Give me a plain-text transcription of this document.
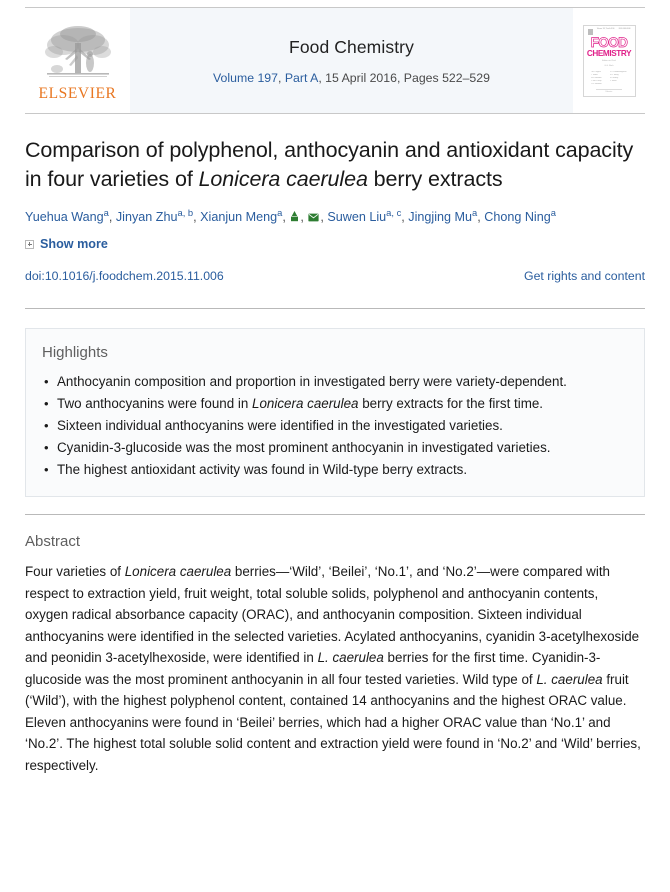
ELSEVIER
Food Chemistry
Volume 197, Part A, 15 April 2016, Pages 522–529
Volume 197, Part A 2016	ISSN 0308-8146
FOOD
CHEMISTRY
Editors-in-Chief
G.G. Birch
P.M. Finglas	D. Chandrasegaran
F. Toldrá	S.P. Meng
S.B. Blomme	N. Sedley
J. Van-Camp	J. Miller
D.S. Mottram
Elsevier
Comparison of polyphenol, anthocyanin and antioxidant capacity in four varieties of Lonicera caerulea berry extracts
Yuehua Wang$^a$, Jinyan Zhu$^{a, b}$, Xianjun Meng$^a$, , , Suwen Liu$^{a, c}$, Jingjing Mu$^a$, Chong Ning$^a$
Show more
doi:10.1016/j.foodchem.2015.11.006	Get rights and content
Highlights
• Anthocyanin composition and proportion in investigated berry were variety-dependent.
• Two anthocyanins were found in Lonicera caerulea berry extracts for the first time.
• Sixteen individual anthocyanins were identified in the investigated varieties.
• Cyanidin-3-glucoside was the most prominent anthocyanin in investigated varieties.
• The highest antioxidant activity was found in Wild-type berry extracts.
Abstract
Four varieties of Lonicera caerulea berries—‘Wild’, ‘Beilei’, ‘No.1’, and ‘No.2’—were compared with respect to extraction yield, fruit weight, total soluble solids, polyphenol and anthocyanin contents, oxygen radical absorbance capacity (ORAC), and anthocyanin composition. Sixteen individual anthocyanins were identified in the selected varieties. Acylated anthocyanins, cyanidin 3-acetylhexoside and peonidin 3-acetylhexoside, were identified in L. caerulea berries for the first time. Cyanidin-3-glucoside was the most prominent anthocyanin in all four tested varieties. Wild type of L. caerulea fruit (‘Wild’), with the highest polyphenol content, contained 14 anthocyanins and the highest ORAC value. Eleven anthocyanins were found in ‘Beilei’ berries, which had a higher ORAC value than ‘No.1’ and ‘No.2’. The highest total soluble solid content and extraction yield were found in ‘No.2’ and ‘Wild’ berries, respectively.
